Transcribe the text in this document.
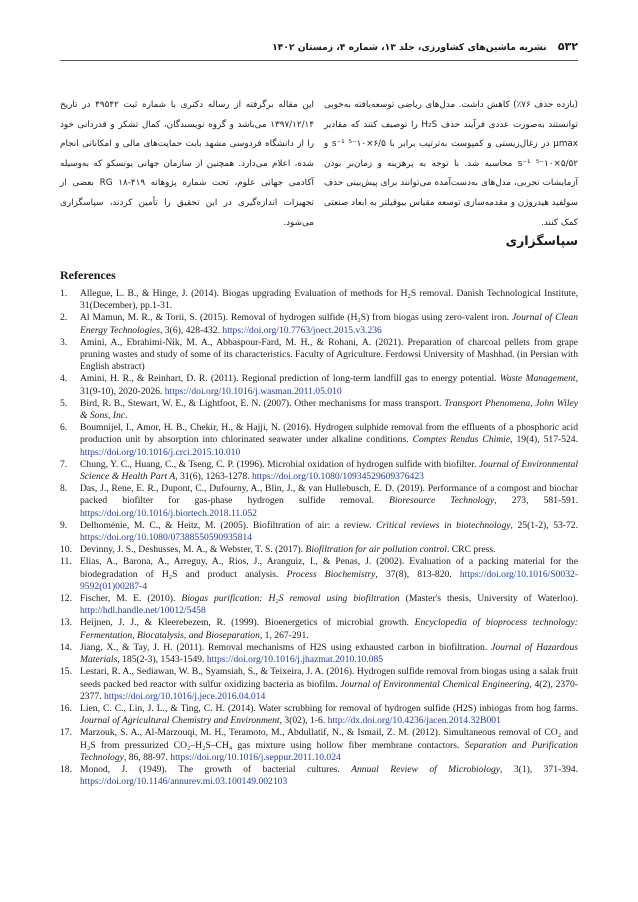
۵۳۲ نشریه ماشین‌های کشاورزی، جلد ۱۳، شماره ۴، زمستان ۱۴۰۲

(بازده حذف ۷۶٪) کاهش داشت. مدل‌های ریاضی توسعه‌یافته به‌خوبی توانستند به‌صورت عددی فرآیند حذف H₂S را توصیف کنند که مقادیر μmax در زغال‌زیستی و کمپوست به‌ترتیب برابر با ۶/۵×۱۰⁻⁵ s⁻¹ و ۵/۵۲×۱۰⁻⁵ s⁻¹ محاسبه شد. با توجه به پرهزینه و زمان‌بر بودن آزمایشات تجربی، مدل‌های به‌دست‌آمده می‌توانند برای پیش‌بینی حذف سولفید هیدروژن و مقدمه‌سازی توسعه مقیاس بیوفیلتر به ابعاد صنعتی کمک کنند.

این مقاله برگرفته از رساله دکتری با شماره ثبت ۴۹۵۴۲ در تاریخ ۱۳۹۷/۱۲/۱۴ می‌باشد و گروه نویسندگان، کمال تشکر و قدردانی خود را از دانشگاه فردوسی مشهد بابت حمایت‌های مالی و امکاناتی انجام شده، اعلام می‌دارد. همچنین از سازمان جهانی یونسکو که به‌وسیله آکادمی جهانی علوم، تحت شماره پژوهانه RG ۱۸-۴۱۹ بعضی از تجهیزات اندازه‌گیری در این تحقیق را تأمین کردند، سپاسگزاری می‌شود.

سپاسگزاری
References
1. Allegue, L. B., & Hinge, J. (2014). Biogas upgrading Evaluation of methods for H₂S removal. Danish Technological Institute, 31(December), pp.1-31.
2. Al Mamun, M. R., & Torii, S. (2015). Removal of hydrogen sulfide (H₂S) from biogas using zero-valent iron. Journal of Clean Energy Technologies, 3(6), 428-432. https://doi.org/10.7763/joect.2015.v3.236
3. Amini, A., Ebrahimi-Nik, M. A., Abbaspour-Fard, M. H., & Rohani, A. (2021). Preparation of charcoal pellets from grape pruning wastes and study of some of its characteristics. Faculty of Agriculture. Ferdowsi University of Mashhad. (in Persian with English abstract)
4. Amini, H. R., & Reinhart, D. R. (2011). Regional prediction of long-term landfill gas to energy potential. Waste Management, 31(9-10), 2020-2026. https://doi.org/10.1016/j.wasman.2011.05.010
5. Bird, R. B., Stewart, W. E., & Lightfoot, E. N. (2007). Other mechanisms for mass transport. Transport Phenomena, John Wiley & Sons, Inc.
6. Boumnijel, I., Amor, H. B., Chekir, H., & Hajji, N. (2016). Hydrogen sulphide removal from the effluents of a phosphoric acid production unit by absorption into chlorinated seawater under alkaline conditions. Comptes Rendus Chimie, 19(4), 517-524. https://doi.org/10.1016/j.crci.2015.10.010
7. Chung, Y. C., Huang, C., & Tseng, C. P. (1996). Microbial oxidation of hydrogen sulfide with biofilter. Journal of Environmental Science & Health Part A, 31(6), 1263-1278. https://doi.org/10.1080/10934529609376423
8. Das, J., Rene, E. R., Dupont, C., Dufourny, A., Blin, J., & van Hullebusch, E. D. (2019). Performance of a compost and biochar packed biofilter for gas-phase hydrogen sulfide removal. Bioresource Technology, 273, 581-591. https://doi.org/10.1016/j.biortech.2018.11.052
9. Delhoménie, M. C., & Heitz, M. (2005). Biofiltration of air: a review. Critical reviews in biotechnology, 25(1-2), 53-72. https://doi.org/10.1080/07388550590935814
10. Devinny, J. S., Deshusses, M. A., & Webster, T. S. (2017). Biofiltration for air pollution control. CRC press.
11. Elias, A., Barona, A., Arreguy, A., Rios, J., Aranguiz, I., & Penas, J. (2002). Evaluation of a packing material for the biodegradation of H₂S and product analysis. Process Biochemistry, 37(8), 813-820. https://doi.org/10.1016/S0032-9592(01)00287-4
12. Fischer, M. E. (2010). Biogas purification: H₂S removal using biofiltration (Master's thesis, University of Waterloo). http://hdl.handle.net/10012/5458
13. Heijnen, J. J., & Kleerebezem, R. (1999). Bioenergetics of microbial growth. Encyclopedia of bioprocess technology: Fermentation, Biocatalysis, and Bioseparation, 1, 267-291.
14. Jiang, X., & Tay, J. H. (2011). Removal mechanisms of H2S using exhausted carbon in biofiltration. Journal of Hazardous Materials, 185(2-3), 1543-1549. https://doi.org/10.1016/j.jhazmat.2010.10.085
15. Lestari, R. A., Sediawan, W. B., Syamsiah, S., & Teixeira, J. A. (2016). Hydrogen sulfide removal from biogas using a salak fruit seeds packed bed reactor with sulfur oxidizing bacteria as biofilm. Journal of Environmental Chemical Engineering, 4(2), 2370-2377. https://doi.org/10.1016/j.jece.2016.04.014
16. Lien, C. C., Lin, J. L., & Ting, C. H. (2014). Water scrubbing for removal of hydrogen sulfide (H2S) inbiogas from hog farms. Journal of Agricultural Chemistry and Environment, 3(02), 1-6. http://dx.doi.org/10.4236/jacen.2014.32B001
17. Marzouk, S. A., Al-Marzouqi, M. H., Teramoto, M., Abdullatif, N., & Ismail, Z. M. (2012). Simultaneous removal of CO₂ and H₂S from pressurized CO₂–H₂S–CH₄ gas mixture using hollow fiber membrane contactors. Separation and Purification Technology, 86, 88-97. https://doi.org/10.1016/j.seppur.2011.10.024
18. Monod, J. (1949). The growth of bacterial cultures. Annual Review of Microbiology, 3(1), 371-394. https://doi.org/10.1146/annurev.mi.03.100149.002103
